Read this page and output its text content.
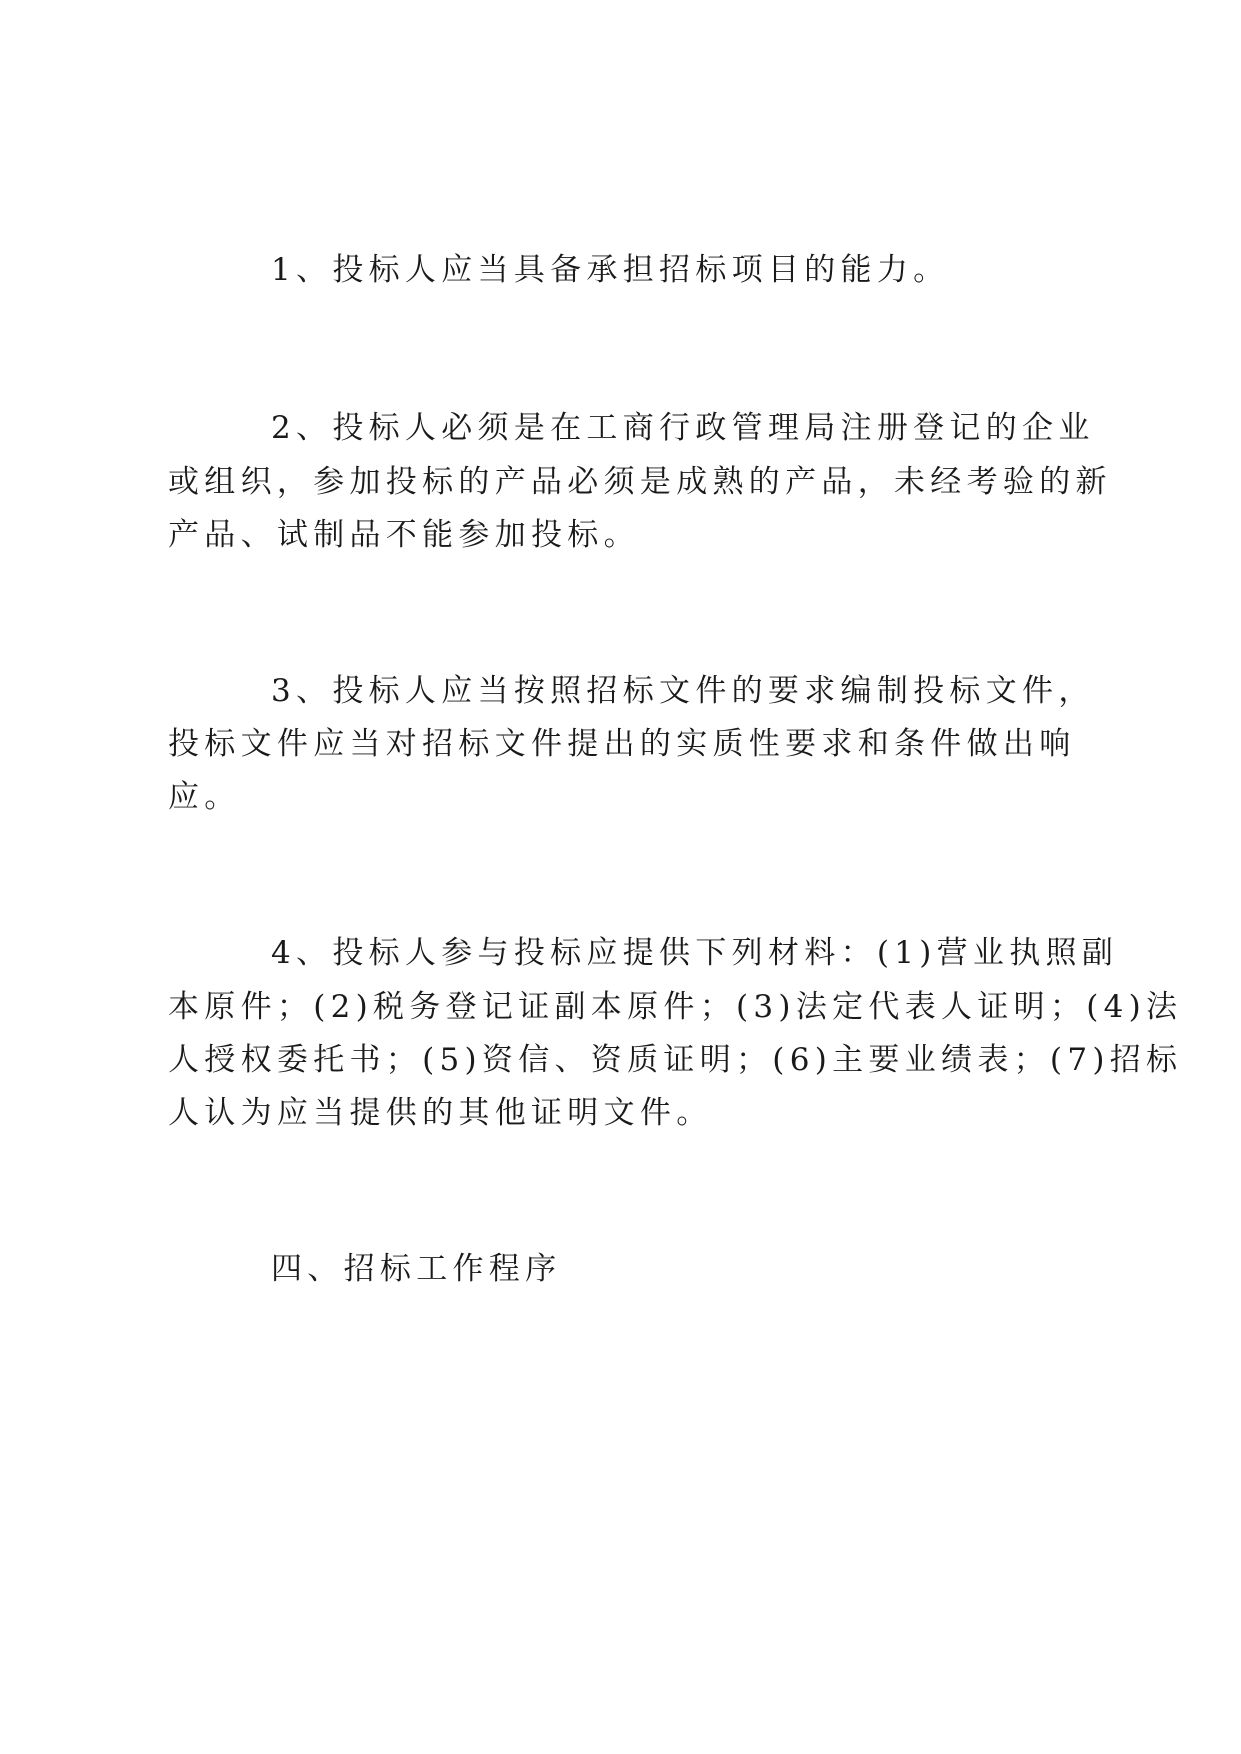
1、投标人应当具备承担招标项目的能力。
2、投标人必须是在工商行政管理局注册登记的企业
或组织，参加投标的产品必须是成熟的产品，未经考验的新
产品、试制品不能参加投标。
3、投标人应当按照招标文件的要求编制投标文件，
投标文件应当对招标文件提出的实质性要求和条件做出响
应。
4、投标人参与投标应提供下列材料：(1)营业执照副
本原件；(2)税务登记证副本原件；(3)法定代表人证明；(4)法
人授权委托书；(5)资信、资质证明；(6)主要业绩表；(7)招标
人认为应当提供的其他证明文件。
四、招标工作程序
